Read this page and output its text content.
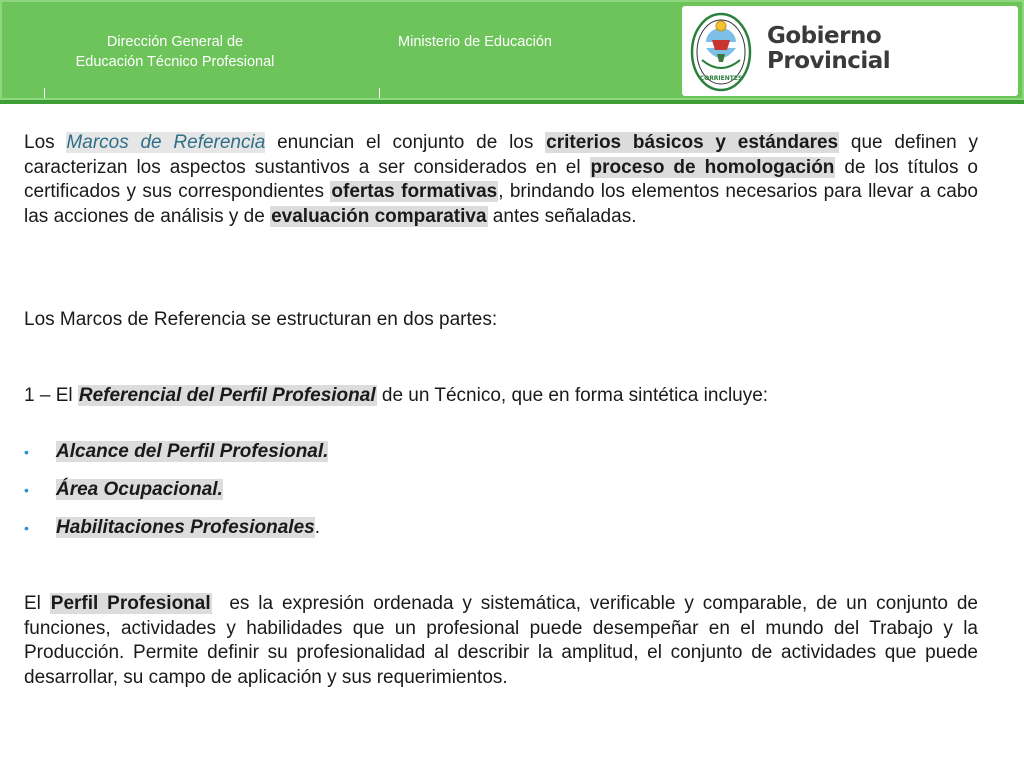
Dirección General de
Educación Técnico Profesional
Ministerio de Educación
CORRIENTES
Gobierno
Provincial

Los Marcos de Referencia enuncian el conjunto de los criterios básicos y estándares que definen y caracterizan los aspectos sustantivos a ser considerados en el proceso de homologación de los títulos o certificados y sus correspondientes ofertas formativas, brindando los elementos necesarios para llevar a cabo las acciones de análisis y de evaluación comparativa antes señaladas.

Los Marcos de Referencia se estructuran en dos partes:

1 – El Referencial del Perfil Profesional de un Técnico, que en forma sintética incluye:

• Alcance del Perfil Profesional.
• Área Ocupacional.
• Habilitaciones Profesionales.

El Perfil Profesional  es la expresión ordenada y sistemática, verificable y comparable, de un conjunto de funciones, actividades y habilidades que un profesional puede desempeñar en el mundo del Trabajo y la Producción. Permite definir su profesionalidad al describir la amplitud, el conjunto de actividades que puede desarrollar, su campo de aplicación y sus requerimientos.
